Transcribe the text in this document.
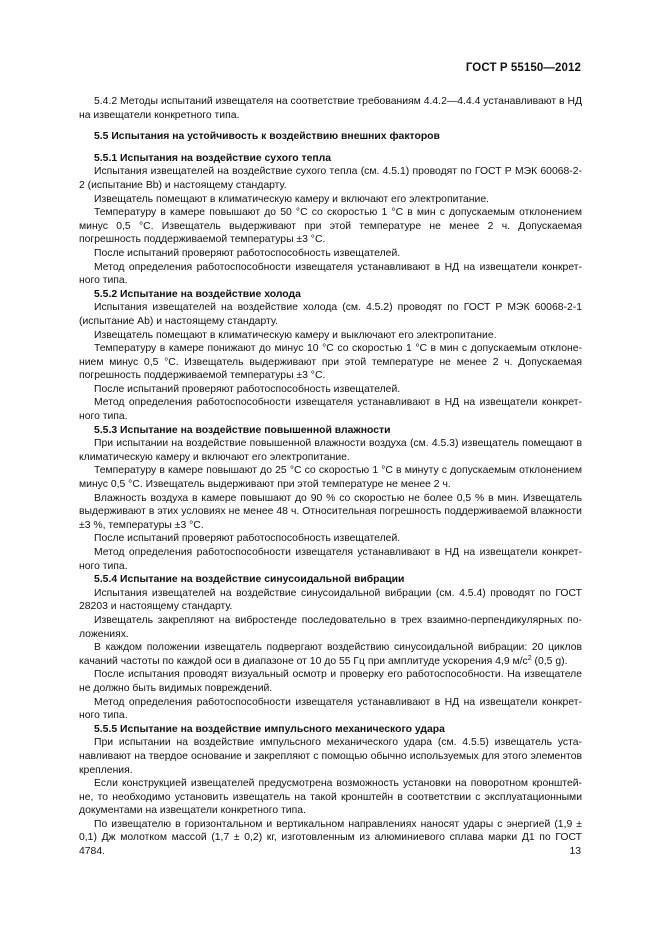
ГОСТ Р 55150—2012

5.4.2 Методы испытаний извещателя на соответствие требованиям 4.4.2—4.4.4 устанавливают в НД на извещатели конкретного типа.

5.5 Испытания на устойчивость к воздействию внешних факторов
5.5.1 Испытания на воздействие сухого тепла

Испытания извещателей на воздействие сухого тепла (см. 4.5.1) проводят по ГОСТ Р МЭК 60068-2-2 (испытание Bb) и настоящему стандарту.

Извещатель помещают в климатическую камеру и включают его электропитание.

Температуру в камере повышают до 50 °С со скоростью 1 °С в мин с допускаемым отклонением минус 0,5 °С. Извещатель выдерживают при этой температуре не менее 2 ч. Допускаемая погрешность поддерживаемой температуры ±3 °С.

После испытаний проверяют работоспособность извещателей.

Метод определения работоспособности извещателя устанавливают в НД на извещатели конкретного типа.

5.5.2 Испытание на воздействие холода

Испытания извещателей на воздействие холода (см. 4.5.2) проводят по ГОСТ Р МЭК 60068-2-1 (испытание Ab) и настоящему стандарту.

Извещатель помещают в климатическую камеру и выключают его электропитание.

Температуру в камере понижают до минус 10 °С со скоростью 1 °С в мин с допускаемым отклонением минус 0,5 °С. Извещатель выдерживают при этой температуре не менее 2 ч. Допускаемая погрешность поддерживаемой температуры ±3 °С.

После испытаний проверяют работоспособность извещателей.

Метод определения работоспособности извещателя устанавливают в НД на извещатели конкретного типа.

5.5.3 Испытание на воздействие повышенной влажности

При испытании на воздействие повышенной влажности воздуха (см. 4.5.3) извещатель помещают в климатическую камеру и включают его электропитание.

Температуру в камере повышают до 25 °С со скоростью 1 °С в минуту с допускаемым отклонением минус 0,5 °С. Извещатель выдерживают при этой температуре не менее 2 ч.

Влажность воздуха в камере повышают до 90 % со скоростью не более 0,5 % в мин. Извещатель выдерживают в этих условиях не менее 48 ч. Относительная погрешность поддерживаемой влажности ±3 %, температуры ±3 °С.

После испытаний проверяют работоспособность извещателей.

Метод определения работоспособности извещателя устанавливают в НД на извещатели конкретного типа.

5.5.4 Испытание на воздействие синусоидальной вибрации

Испытания извещателей на воздействие синусоидальной вибрации (см. 4.5.4) проводят по ГОСТ 28203 и настоящему стандарту.

Извещатель закрепляют на вибростенде последовательно в трех взаимно-перпендикулярных положениях.

В каждом положении извещатель подвергают воздействию синусоидальной вибрации: 20 циклов качаний частоты по каждой оси в диапазоне от 10 до 55 Гц при амплитуде ускорения 4,9 $м/с^2$ (0,5 g).

После испытания проводят визуальный осмотр и проверку его работоспособности. На извещателе не должно быть видимых повреждений.

Метод определения работоспособности извещателя устанавливают в НД на извещатели конкретного типа.

5.5.5 Испытание на воздействие импульсного механического удара

При испытании на воздействие импульсного механического удара (см. 4.5.5) извещатель устанавливают на твердое основание и закрепляют с помощью обычно используемых для этого элементов крепления.

Если конструкцией извещателей предусмотрена возможность установки на поворотном кронштейне, то необходимо установить извещатель на такой кронштейн в соответствии с эксплуатационными документами на извещатели конкретного типа.

По извещателю в горизонтальном и вертикальном направлениях наносят удары с энергией (1,9 ± 0,1) Дж молотком массой (1,7 ± 0,2) кг, изготовленным из алюминиевого сплава марки Д1 по ГОСТ 4784.	13
